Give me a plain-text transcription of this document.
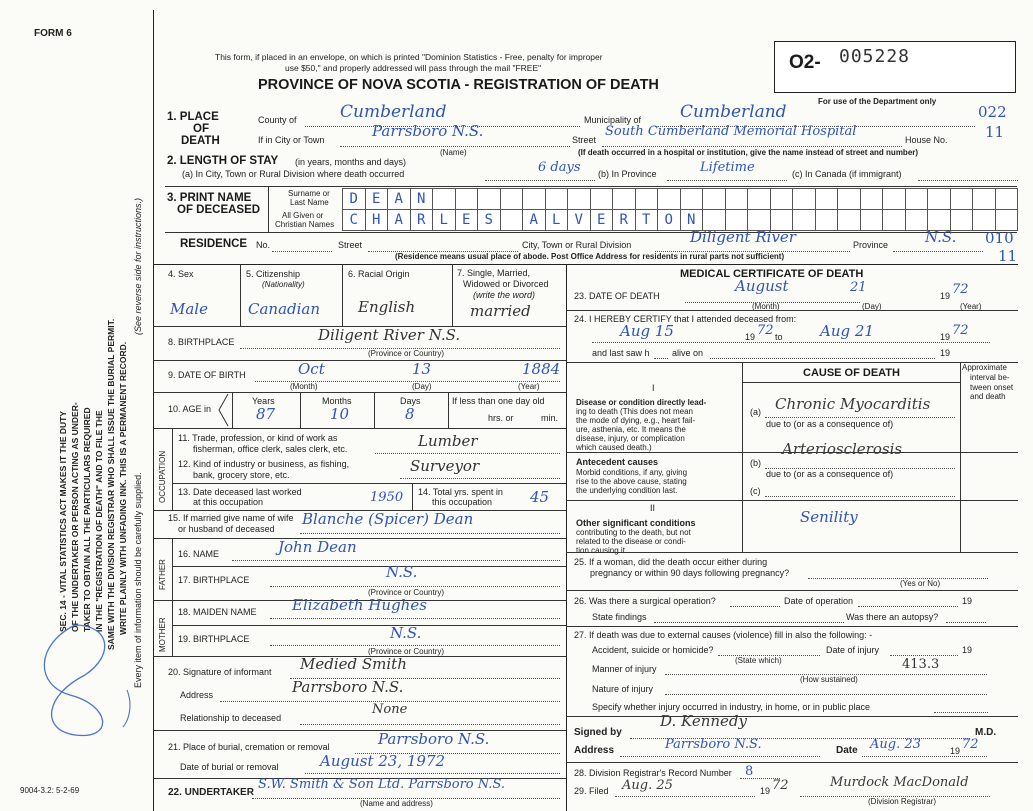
FORM 6
9004-3.2: 5-2-69
SEC. 14 - VITAL STATISTICS ACT MAKES IT THE DUTY OF THE UNDERTAKER OR PERSON ACTING AS UNDER- TAKER TO OBTAIN ALL THE PARTICULARS REQUIRED IN THE "REGISTRATION OF DEATH" AND TO FILE THE SAME WITH THE DIVISION REGISTRAR WHO SHALL ISSUE THE BURIAL PERMIT. WRITE PLAINLY WITH UNFADING INK. THIS IS A PERMANENT RECORD. Every item of information should be carefully supplied.
(See reverse side for instructions.)
This form, if placed in an envelope, on which is printed "Dominion Statistics - Free, penalty for improper
use $50," and properly addressed will pass through the mail "FREE"
PROVINCE OF NOVA SCOTIA - REGISTRATION OF DEATH
O2- 005228
For use of the Department only
1. PLACE
OF
DEATH
County of	Cumberland	Municipality of Cumberland	022
If in City or Town	Parrsboro N.S.
(Name)
Street
South Cumberland Memorial Hospital
House No. 11
(If death occurred in a hospital or institution, give the name instead of street and number)
2. LENGTH OF STAY (in years, months and days)
(a) In City, Town or Rural Division where death occurred	6 days (b) In Province	Lifetime	(c) In Canada (if immigrant)
3. PRINT NAME
OF DECEASED
Surname or
Last Name
All Given or
Christian Names
D	E	A	N
C	H	A	R	L	E	S	A	L	V	E	R	T	O	N
RESIDENCE No.	Street	City, Town or Rural Division	Diligent River	Province N.S. 010
11
(Residence means usual place of abode. Post Office Address for residents in rural parts not sufficient)
4. Sex
Male
5. Citizenship
(Nationality)
Canadian
6. Racial Origin
English
7. Single, Married,
Widowed or Divorced
(write the word)
married
8. BIRTHPLACE	Diligent River N.S.
(Province or Country)
9. DATE OF BIRTH	Oct	13	1884
(Month)	(Day)	(Year)
10. AGE in
Years
87
Months
10
Days
8
If less than one day old
hrs. or	min.
OCCUPATION
11. Trade, profession, or kind of work as
fisherman, office clerk, sales clerk, etc.	Lumber
12. Kind of industry or business, as fishing,
bank, grocery store, etc.	Surveyor
13. Date deceased last worked
at this occupation	1950 14. Total yrs. spent in
this occupation	45
15. If married give name of wife
or husband of deceased
Blanche (Spicer) Dean
FATHER
16. NAME	John Dean
17. BIRTHPLACE	N.S.
(Province or Country)
MOTHER
18. MAIDEN NAME Elizabeth Hughes
19. BIRTHPLACE	N.S.
(Province or Country)
20. Signature of informant Medied Smith
Address	Parrsboro N.S.
None
Relationship to deceased
21. Place of burial, cremation or removal	Parrsboro N.S.
Date of burial or removal	August 23, 1972
22. UNDERTAKER
S.W. Smith & Son Ltd. Parrsboro N.S.
(Name and address)
MEDICAL CERTIFICATE OF DEATH
23. DATE OF DEATH
August	21
19 72
(Month)	(Day)	(Year)
24. I HEREBY CERTIFY that I attended deceased from:
Aug 15	19 72 to Aug 21	19 72
and last saw h alive on	19
CAUSE OF DEATH	Approximate
interval be-
tween onset
and death
I
Disease or condition directly lead-
ing to death (This does not mean
the mode of dying, e.g., heart fail-
ure, asthenia, etc. It means the
disease, injury, or complication
which caused death.)
(a) Chronic Myocarditis
due to (or as a consequence of)
Antecedent causes
Morbid conditions, if any, giving
rise to the above cause, stating
the underlying condition last.
(b)
Arteriosclerosis
due to (or as a consequence of)
(c)
II
Other significant conditions
contributing to the death, but not
related to the disease or condi-
tion causing it.
Senility
25. If a woman, did the death occur either during
pregnancy or within 90 days following pregnancy?
(Yes or No)
26. Was there a surgical operation?	Date of operation	19
State findings	Was there an autopsy?
27. If death was due to external causes (violence) fill in also the following: -
Accident, suicide or homicide?
(State which)
Date of injury	19
Manner of injury	413.3
(How sustained)
Nature of injury
Specify whether injury occurred in industry, in home, or in public place
Signed by
D. Kennedy
M.D.
Address	Parrsboro N.S.	Date Aug. 23	19 72
28. Division Registrar's Record Number 8
29. Filed Aug. 25	19 72	Murdock MacDonald
(Division Registrar)
